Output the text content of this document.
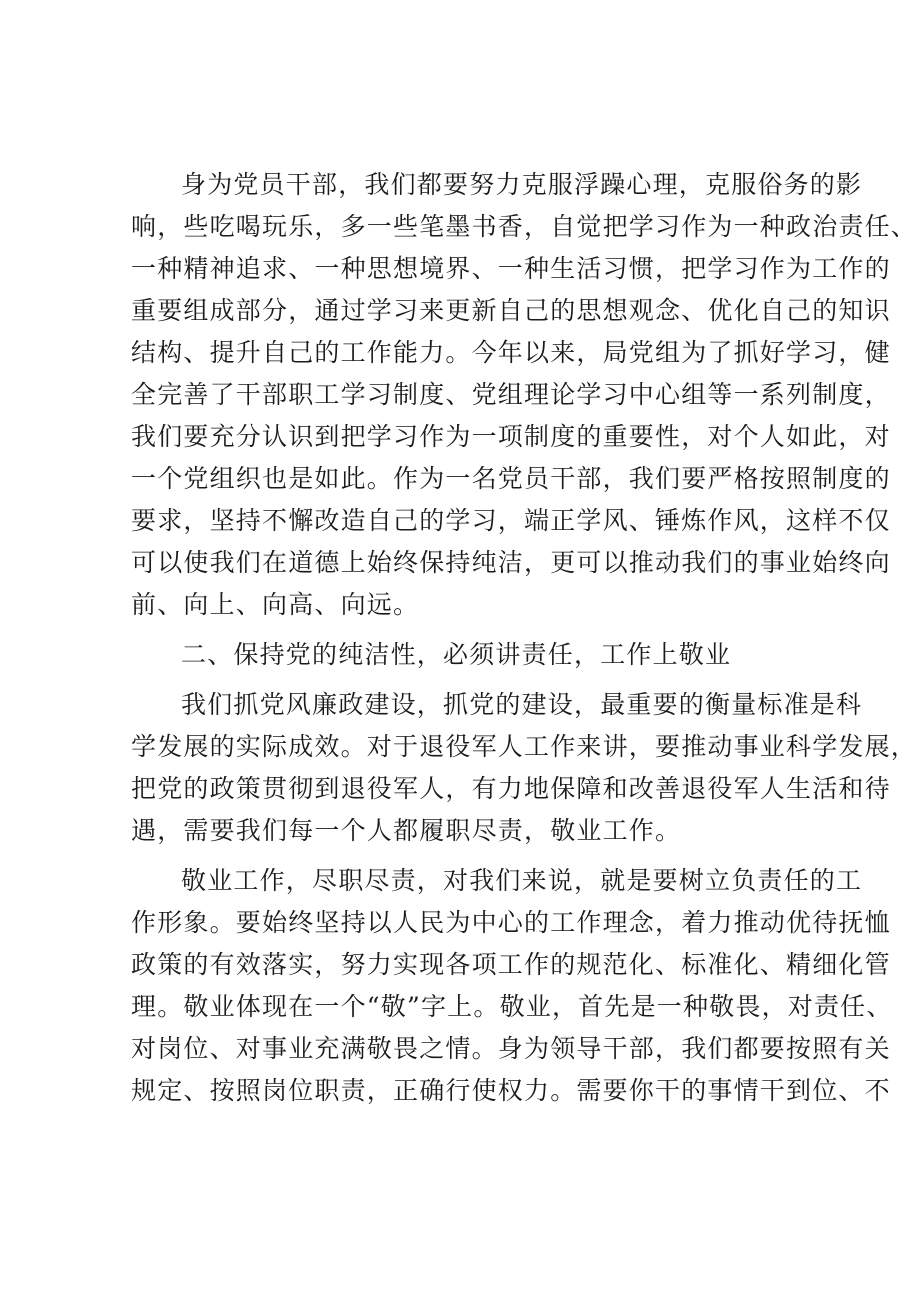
身为党员干部，我们都要努力克服浮躁心理，克服俗务的影
响，些吃喝玩乐，多一些笔墨书香，自觉把学习作为一种政治责任、
一种精神追求、一种思想境界、一种生活习惯，把学习作为工作的
重要组成部分，通过学习来更新自己的思想观念、优化自己的知识
结构、提升自己的工作能力。今年以来，局党组为了抓好学习，健
全完善了干部职工学习制度、党组理论学习中心组等一系列制度，
我们要充分认识到把学习作为一项制度的重要性，对个人如此，对
一个党组织也是如此。作为一名党员干部，我们要严格按照制度的
要求，坚持不懈改造自己的学习，端正学风、锤炼作风，这样不仅
可以使我们在道德上始终保持纯洁，更可以推动我们的事业始终向
前、向上、向高、向远。
二、保持党的纯洁性，必须讲责任，工作上敬业
我们抓党风廉政建设，抓党的建设，最重要的衡量标准是科
学发展的实际成效。对于退役军人工作来讲，要推动事业科学发展，
把党的政策贯彻到退役军人，有力地保障和改善退役军人生活和待
遇，需要我们每一个人都履职尽责，敬业工作。
敬业工作，尽职尽责，对我们来说，就是要树立负责任的工
作形象。要始终坚持以人民为中心的工作理念，着力推动优待抚恤
政策的有效落实，努力实现各项工作的规范化、标准化、精细化管
理。敬业体现在一个“敬”字上。敬业，首先是一种敬畏，对责任、
对岗位、对事业充满敬畏之情。身为领导干部，我们都要按照有关
规定、按照岗位职责，正确行使权力。需要你干的事情干到位、不
